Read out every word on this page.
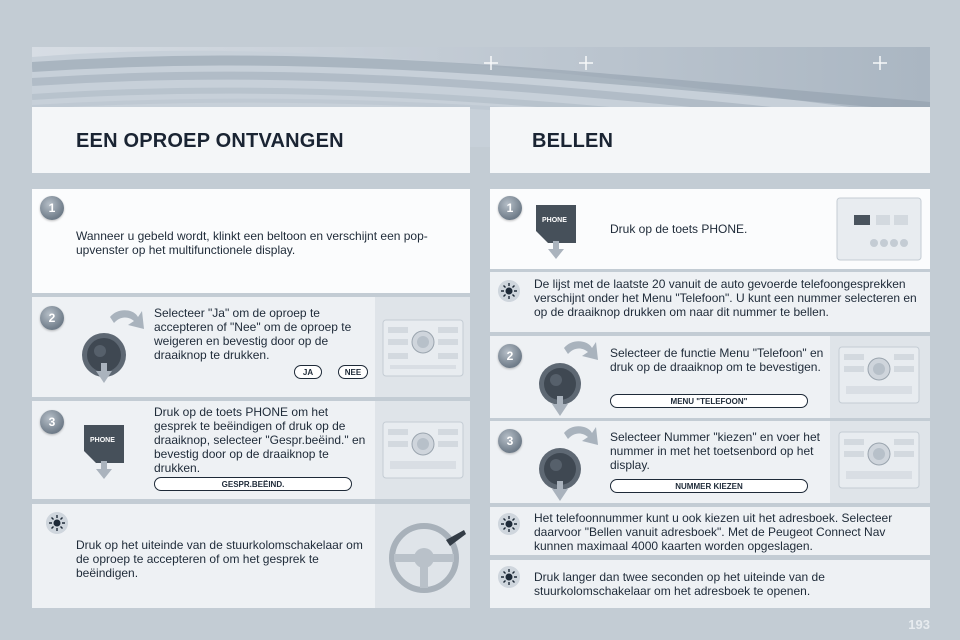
EEN OPROEP ONTVANGEN	BELLEN
1
Wanneer u gebeld wordt, klinkt een beltoon en verschijnt een pop-upvenster op het multifunctionele display.
2	Selecteer "Ja" om de oproep te accepteren of "Nee" om de oproep te weigeren en bevestig door op de draaiknop te drukken.
JA	NEE
3
PHONE
Druk op de toets PHONE om het gesprek te beëindigen of druk op de draaiknop, selecteer "Gespr.beëind." en bevestig door op de draaiknop te drukken.
GESPR.BEËIND.
Druk op het uiteinde van de stuurkolomschakelaar om de oproep te accepteren of om het gesprek te beëindigen.
1
PHONE
Druk op de toets PHONE.
De lijst met de laatste 20 vanuit de auto gevoerde telefoongesprekken verschijnt onder het Menu "Telefoon". U kunt een nummer selecteren en op de draaiknop drukken om naar dit nummer te bellen.
2	Selecteer de functie Menu "Telefoon" en druk op de draaiknop om te bevestigen.
MENU "TELEFOON"
3	Selecteer Nummer "kiezen" en voer het nummer in met het toetsenbord op het display.
NUMMER KIEZEN
Het telefoonnummer kunt u ook kiezen uit het adresboek. Selecteer daarvoor "Bellen vanuit adresboek". Met de Peugeot Connect Nav kunnen maximaal 4000 kaarten worden opgeslagen.
Druk langer dan twee seconden op het uiteinde van de stuurkolomschakelaar om het adresboek te openen.
193
